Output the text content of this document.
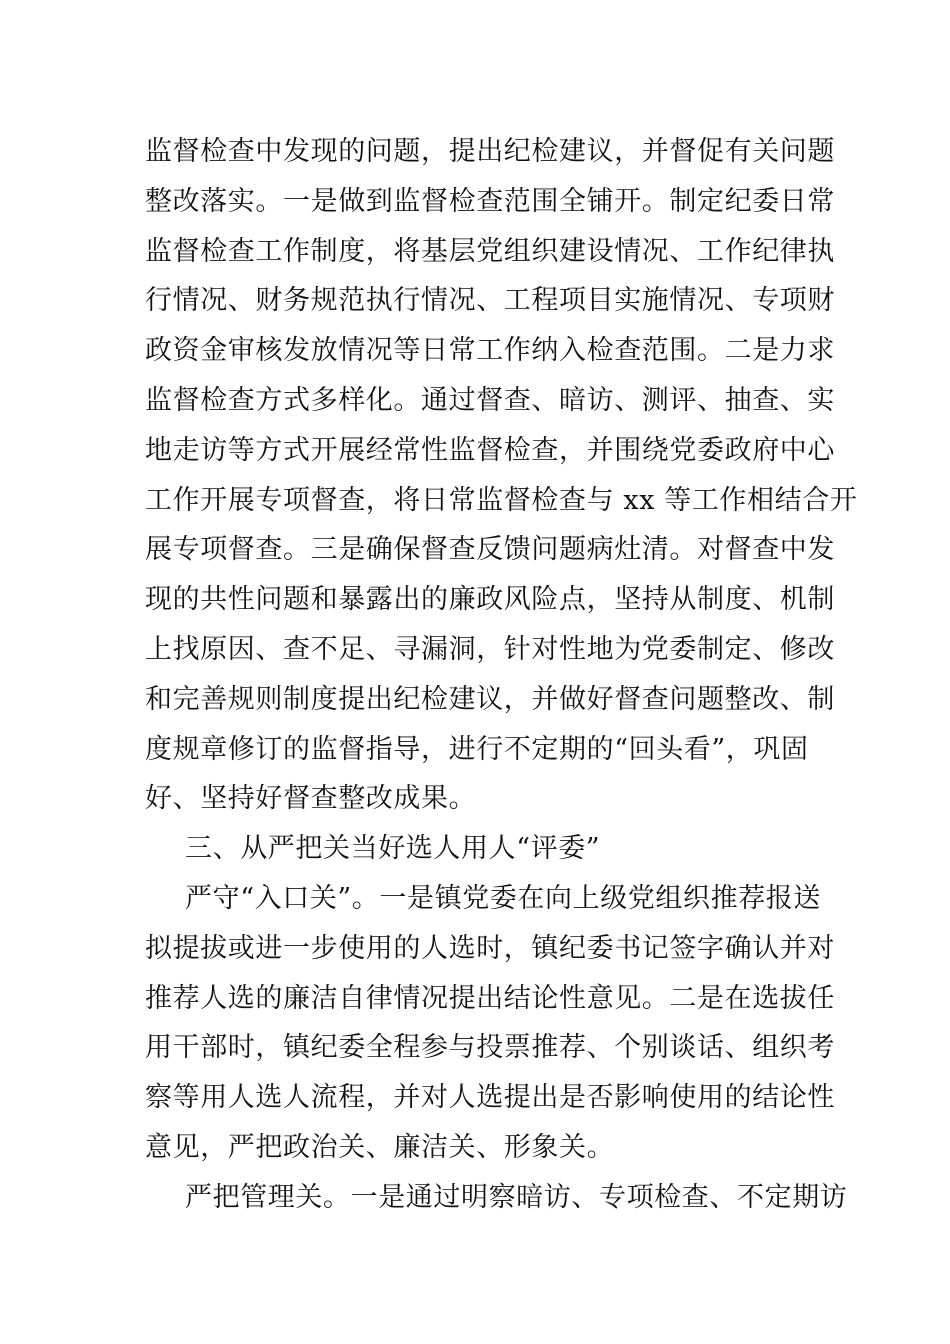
监督检查中发现的问题，提出纪检建议，并督促有关问题
整改落实。一是做到监督检查范围全铺开。制定纪委日常
监督检查工作制度，将基层党组织建设情况、工作纪律执
行情况、财务规范执行情况、工程项目实施情况、专项财
政资金审核发放情况等日常工作纳入检查范围。二是力求
监督检查方式多样化。通过督查、暗访、测评、抽查、实
地走访等方式开展经常性监督检查，并围绕党委政府中心
工作开展专项督查，将日常监督检查与 xx 等工作相结合开
展专项督查。三是确保督查反馈问题病灶清。对督查中发
现的共性问题和暴露出的廉政风险点，坚持从制度、机制
上找原因、查不足、寻漏洞，针对性地为党委制定、修改
和完善规则制度提出纪检建议，并做好督查问题整改、制
度规章修订的监督指导，进行不定期的“回头看”，巩固
好、坚持好督查整改成果。
三、从严把关当好选人用人“评委”
严守“入口关”。一是镇党委在向上级党组织推荐报送
拟提拔或进一步使用的人选时，镇纪委书记签字确认并对
推荐人选的廉洁自律情况提出结论性意见。二是在选拔任
用干部时，镇纪委全程参与投票推荐、个别谈话、组织考
察等用人选人流程，并对人选提出是否影响使用的结论性
意见，严把政治关、廉洁关、形象关。
严把管理关。一是通过明察暗访、专项检查、不定期访
